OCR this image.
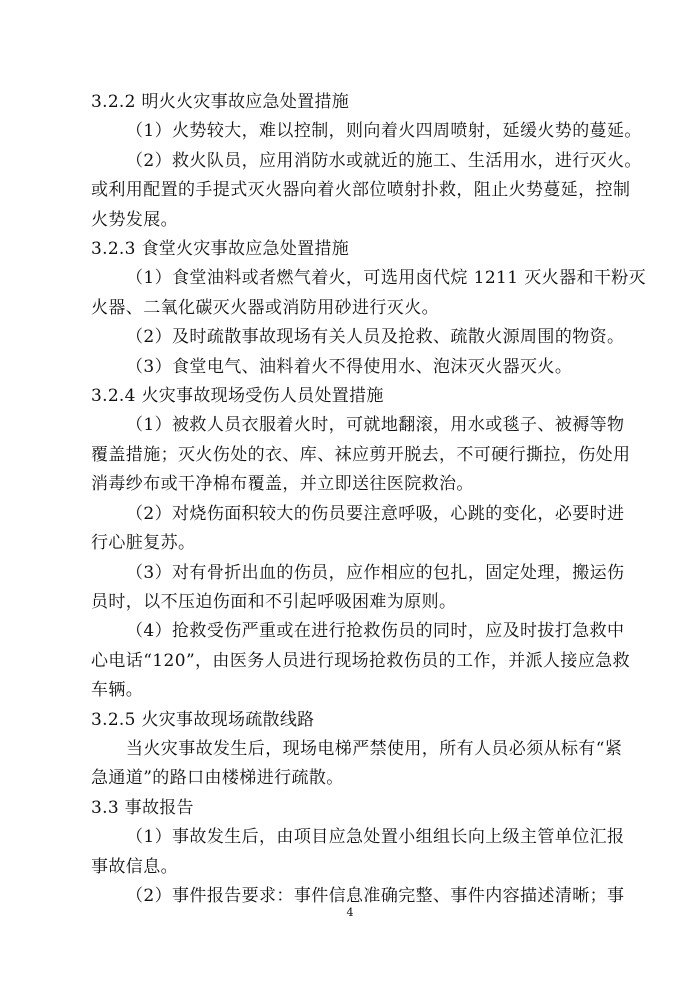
3.2.2 明火火灾事故应急处置措施
（1）火势较大，难以控制，则向着火四周喷射，延缓火势的蔓延。
（2）救火队员，应用消防水或就近的施工、生活用水，进行灭火。
或利用配置的手提式灭火器向着火部位喷射扑救，阻止火势蔓延，控制
火势发展。
3.2.3 食堂火灾事故应急处置措施
（1）食堂油料或者燃气着火，可选用卤代烷 1211 灭火器和干粉灭
火器、二氧化碳灭火器或消防用砂进行灭火。
（2）及时疏散事故现场有关人员及抢救、疏散火源周围的物资。
（3）食堂电气、油料着火不得使用水、泡沫灭火器灭火。
3.2.4 火灾事故现场受伤人员处置措施
（1）被救人员衣服着火时，可就地翻滚，用水或毯子、被褥等物
覆盖措施；灭火伤处的衣、库、袜应剪开脱去，不可硬行撕拉，伤处用
消毒纱布或干净棉布覆盖，并立即送往医院救治。
（2）对烧伤面积较大的伤员要注意呼吸，心跳的变化，必要时进
行心脏复苏。
（3）对有骨折出血的伤员，应作相应的包扎，固定处理，搬运伤
员时，以不压迫伤面和不引起呼吸困难为原则。
（4）抢救受伤严重或在进行抢救伤员的同时，应及时拔打急救中
心电话“120”，由医务人员进行现场抢救伤员的工作，并派人接应急救
车辆。
3.2.5 火灾事故现场疏散线路
当火灾事故发生后，现场电梯严禁使用，所有人员必须从标有“紧
急通道”的路口由楼梯进行疏散。
3.3 事故报告
（1）事故发生后，由项目应急处置小组组长向上级主管单位汇报
事故信息。
（2）事件报告要求：事件信息准确完整、事件内容描述清晰；事
4
